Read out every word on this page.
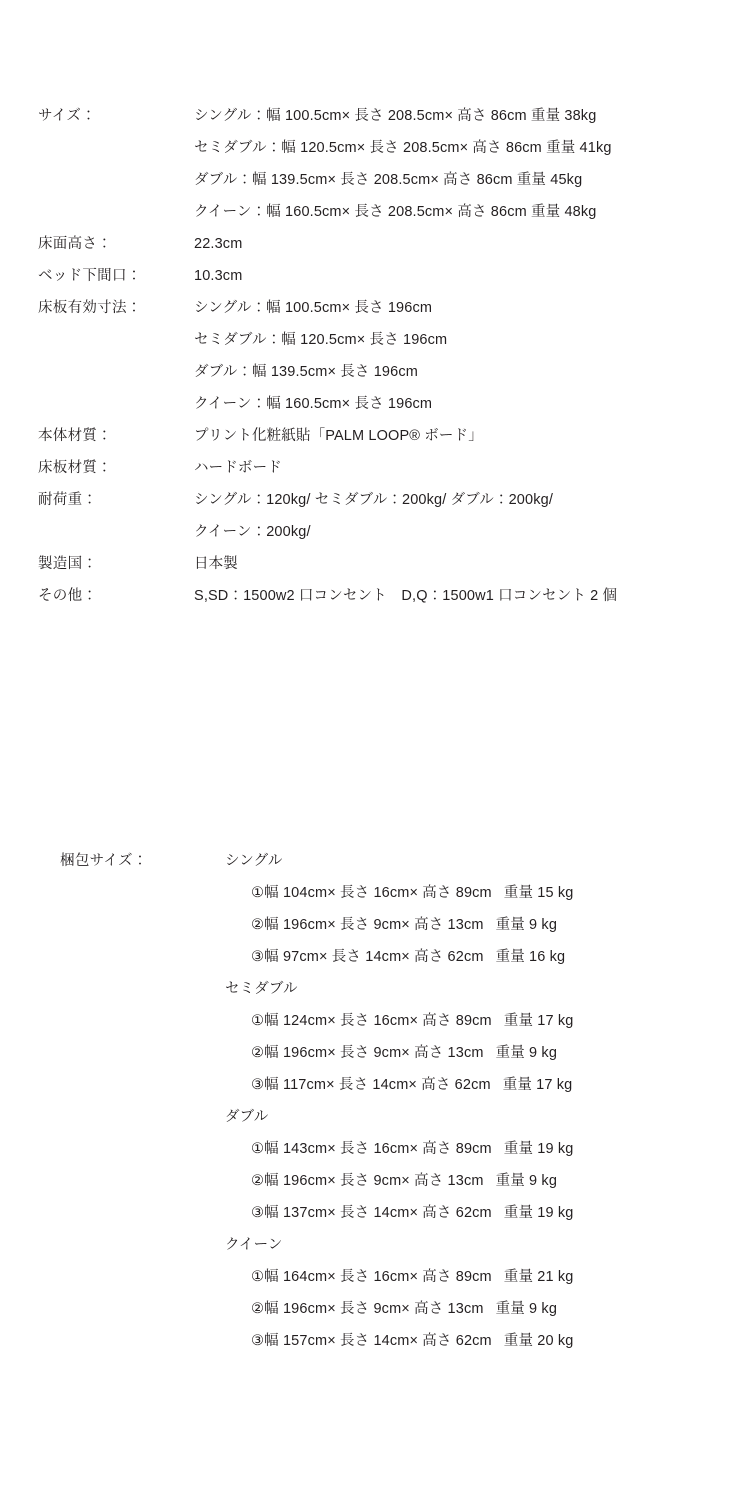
サイズ：	シングル：幅 100.5cm× 長さ 208.5cm× 高さ 86cm 重量 38kg
セミダブル：幅 120.5cm× 長さ 208.5cm× 高さ 86cm 重量 41kg
ダブル：幅 139.5cm× 長さ 208.5cm× 高さ 86cm 重量 45kg
クイーン：幅 160.5cm× 長さ 208.5cm× 高さ 86cm 重量 48kg
床面高さ：	22.3cm
ベッド下間口：	10.3cm
床板有効寸法：	シングル：幅 100.5cm× 長さ 196cm
セミダブル：幅 120.5cm× 長さ 196cm
ダブル：幅 139.5cm× 長さ 196cm
クイーン：幅 160.5cm× 長さ 196cm
本体材質：	プリント化粧紙貼「PALM LOOP® ボード」
床板材質：	ハードボード
耐荷重：	シングル：120kg/ セミダブル：200kg/ ダブル：200kg/
クイーン：200kg/
製造国：	日本製
その他：	S,SD：1500w2 口コンセント　D,Q：1500w1 口コンセント 2 個
梱包サイズ：	シングル
①幅 104cm× 長さ 16cm× 高さ 89cm 重量 15 kg
②幅 196cm× 長さ 9cm× 高さ 13cm 重量 9 kg
③幅 97cm× 長さ 14cm× 高さ 62cm 重量 16 kg
セミダブル
①幅 124cm× 長さ 16cm× 高さ 89cm 重量 17 kg
②幅 196cm× 長さ 9cm× 高さ 13cm 重量 9 kg
③幅 117cm× 長さ 14cm× 高さ 62cm 重量 17 kg
ダブル
①幅 143cm× 長さ 16cm× 高さ 89cm 重量 19 kg
②幅 196cm× 長さ 9cm× 高さ 13cm 重量 9 kg
③幅 137cm× 長さ 14cm× 高さ 62cm 重量 19 kg
クイーン
①幅 164cm× 長さ 16cm× 高さ 89cm 重量 21 kg
②幅 196cm× 長さ 9cm× 高さ 13cm 重量 9 kg
③幅 157cm× 長さ 14cm× 高さ 62cm 重量 20 kg
